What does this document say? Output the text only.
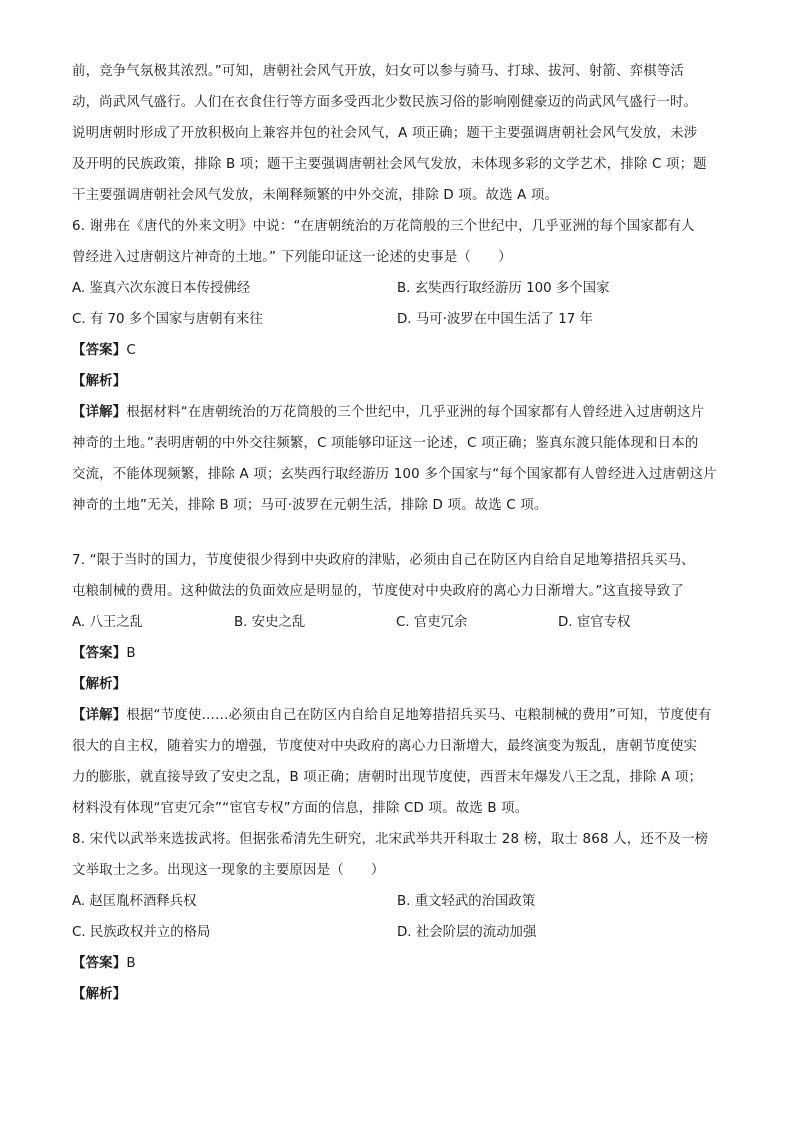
前，竞争气氛极其浓烈。”可知，唐朝社会风气开放，妇女可以参与骑马、打球、拔河、射箭、弈棋等活
动，尚武风气盛行。人们在衣食住行等方面多受西北少数民族习俗的影响刚健豪迈的尚武风气盛行一时。
说明唐朝时形成了开放积极向上兼容并包的社会风气，A 项正确；题干主要强调唐朝社会风气发放，未涉
及开明的民族政策，排除 B 项；题干主要强调唐朝社会风气发放，未体现多彩的文学艺术，排除 C 项；题
干主要强调唐朝社会风气发放，未阐释频繁的中外交流，排除 D 项。故选 A 项。
6. 谢弗在《唐代的外来文明》中说：“在唐朝统治的万花筒般的三个世纪中，几乎亚洲的每个国家都有人
曾经进入过唐朝这片神奇的土地。” 下列能印证这一论述的史事是（　　）
A. 鉴真六次东渡日本传授佛经	B. 玄奘西行取经游历 100 多个国家
C. 有 70 多个国家与唐朝有来往	D. 马可·波罗在中国生活了 17 年
【答案】C
【解析】
【详解】根据材料“在唐朝统治的万花筒般的三个世纪中，几乎亚洲的每个国家都有人曾经进入过唐朝这片
神奇的土地。”表明唐朝的中外交往频繁，C 项能够印证这一论述，C 项正确；鉴真东渡只能体现和日本的
交流，不能体现频繁，排除 A 项；玄奘西行取经游历 100 多个国家与“每个国家都有人曾经进入过唐朝这片
神奇的土地”无关，排除 B 项；马可·波罗在元朝生活，排除 D 项。故选 C 项。
7. “限于当时的国力，节度使很少得到中央政府的津贴，必须由自己在防区内自给自足地筹措招兵买马、
屯粮制械的费用。这种做法的负面效应是明显的，节度使对中央政府的离心力日渐增大。”这直接导致了
A. 八王之乱	B. 安史之乱	C. 官吏冗余	D. 宦官专权
【答案】B
【解析】
【详解】根据“节度使……必须由自己在防区内自给自足地筹措招兵买马、屯粮制械的费用”可知，节度使有
很大的自主权，随着实力的增强，节度使对中央政府的离心力日渐增大，最终演变为叛乱，唐朝节度使实
力的膨胀，就直接导致了安史之乱，B 项正确；唐朝时出现节度使，西晋末年爆发八王之乱，排除 A 项；
材料没有体现“官吏冗余”“宦官专权”方面的信息，排除 CD 项。故选 B 项。
8. 宋代以武举来选拔武将。但据张希清先生研究，北宋武举共开科取士 28 榜，取士 868 人，还不及一榜
文举取士之多。出现这一现象的主要原因是（　　）
A. 赵匡胤杯酒释兵权	B. 重文轻武的治国政策
C. 民族政权并立的格局	D. 社会阶层的流动加强
【答案】B
【解析】
